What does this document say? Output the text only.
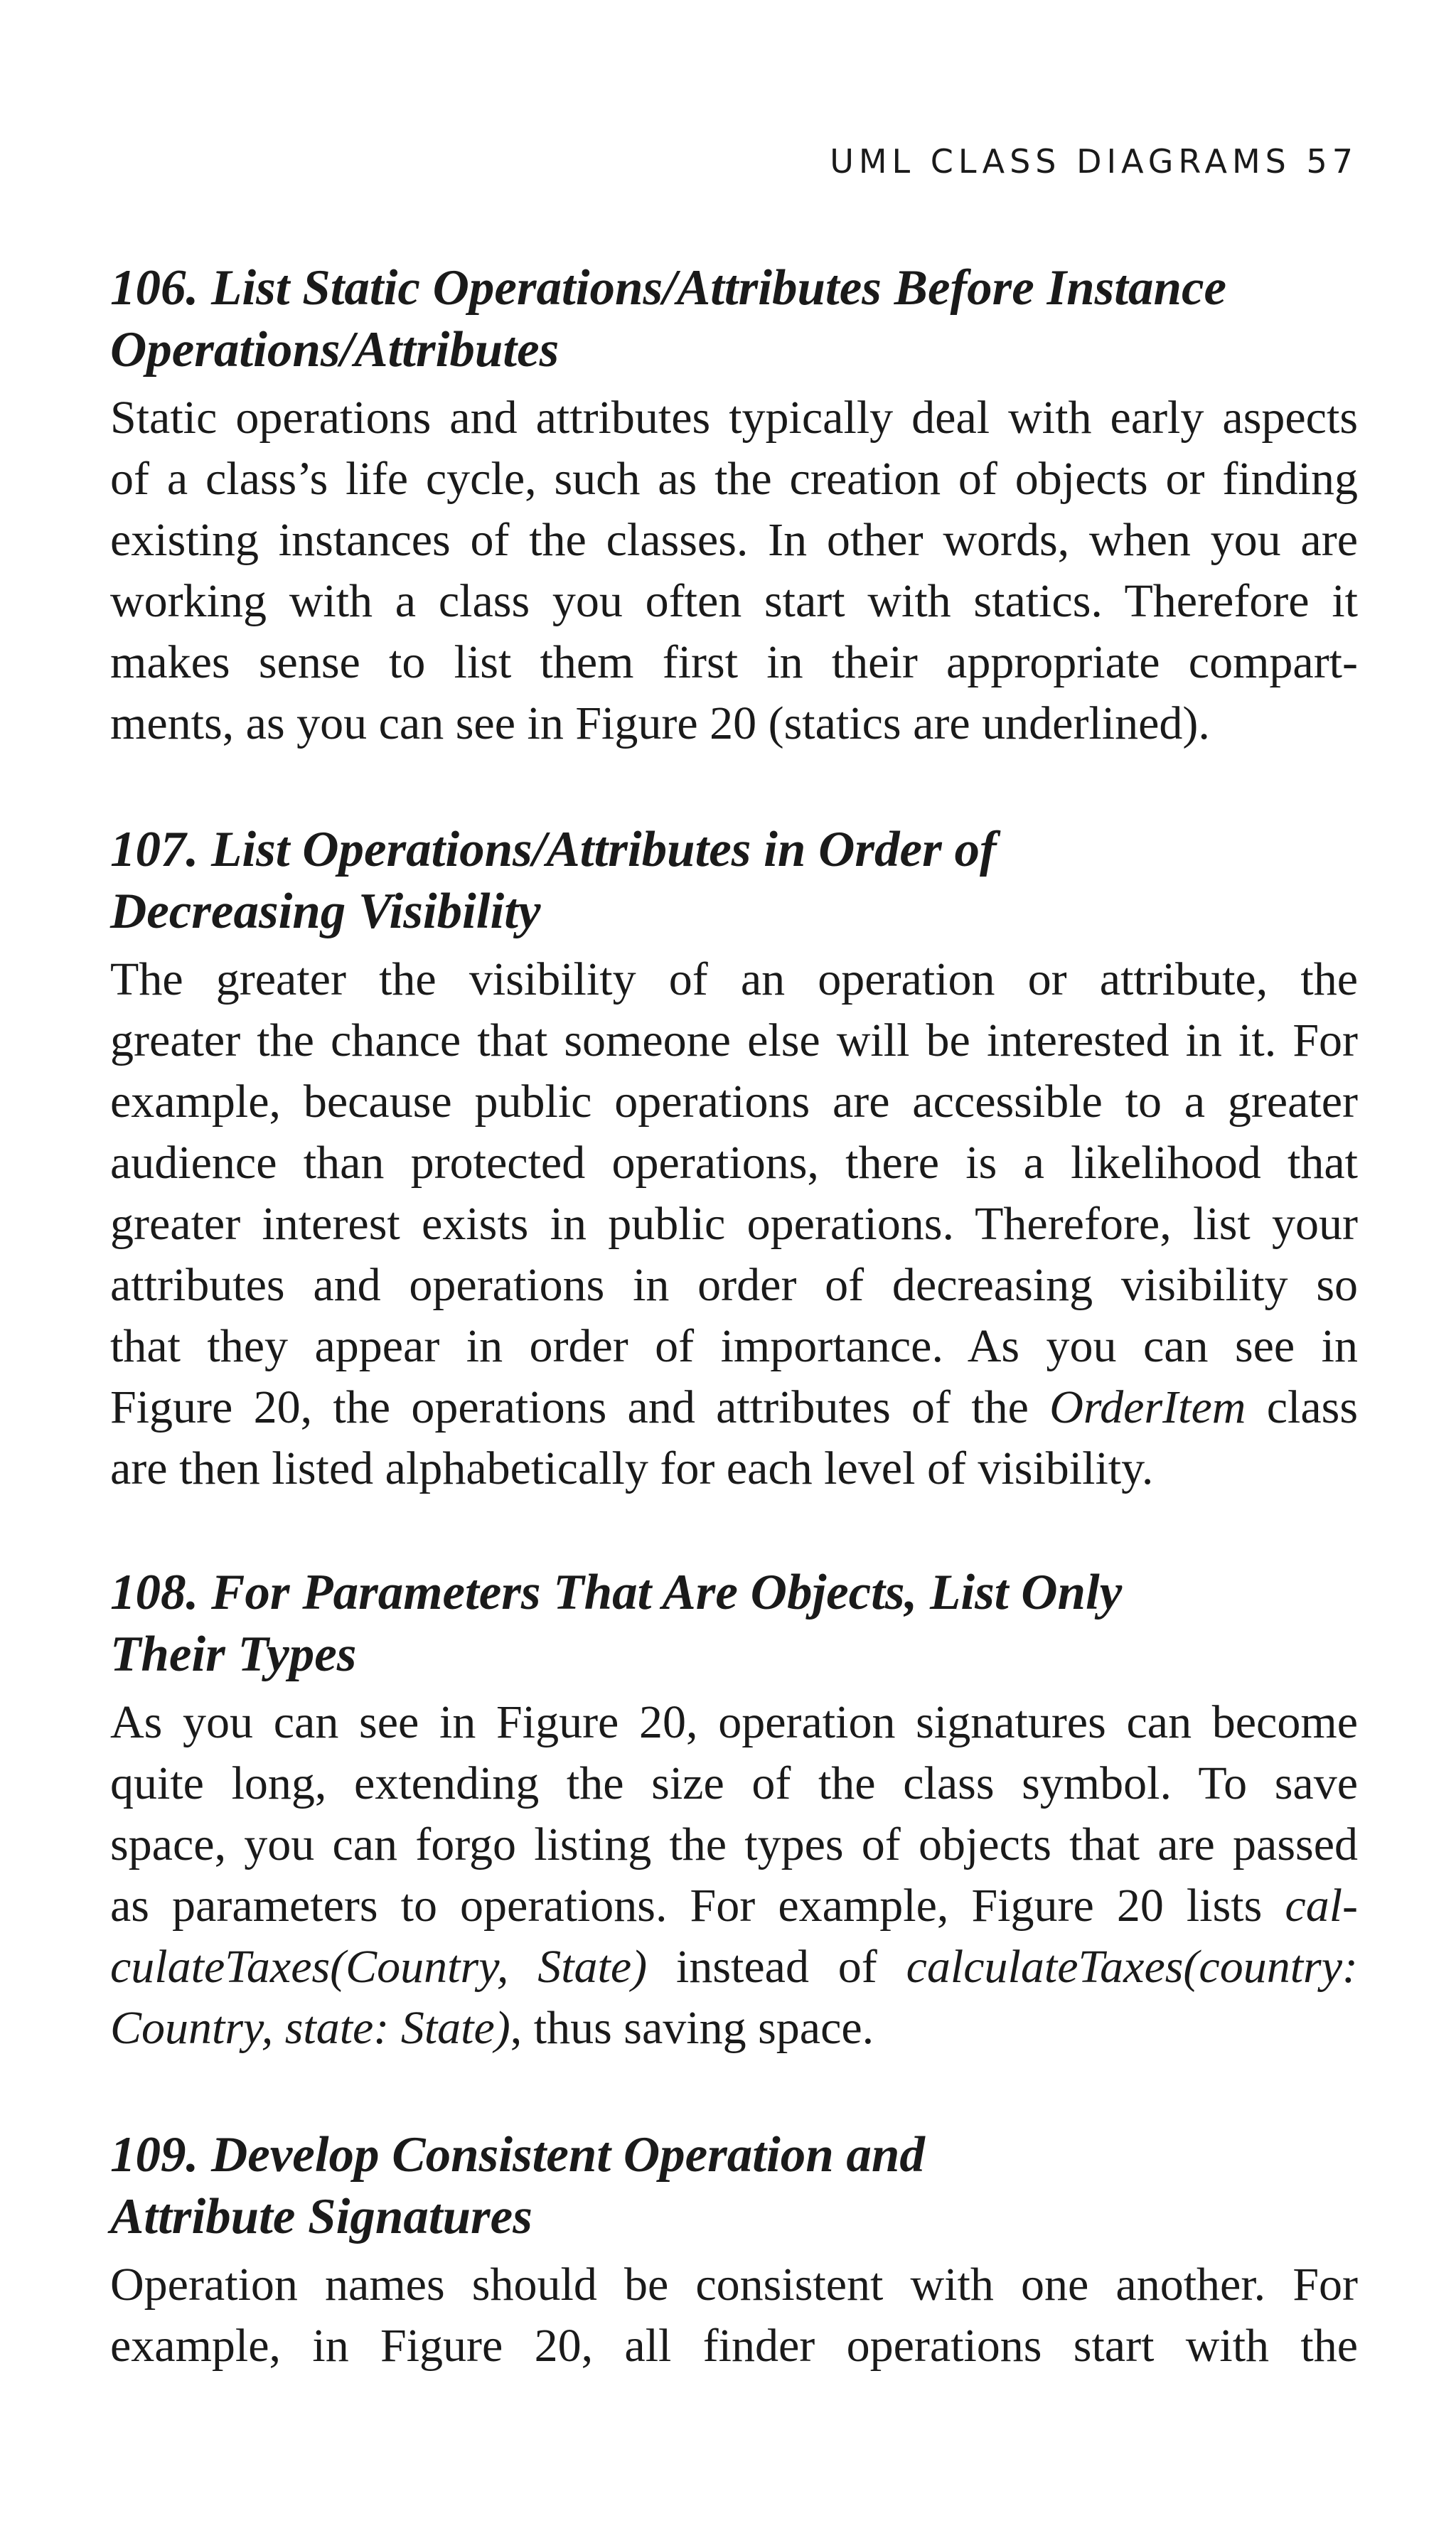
UML CLASS DIAGRAMS 57
106. List Static Operations/Attributes Before Instance
Operations/Attributes

Static operations and attributes typically deal with early aspects
of a class’s life cycle, such as the creation of objects or finding
existing instances of the classes. In other words, when you are
working with a class you often start with statics. Therefore it
makes sense to list them first in their appropriate compart-
ments, as you can see in Figure 20 (statics are underlined).

107. List Operations/Attributes in Order of
Decreasing Visibility

The greater the visibility of an operation or attribute, the
greater the chance that someone else will be interested in it. For
example, because public operations are accessible to a greater
audience than protected operations, there is a likelihood that
greater interest exists in public operations. Therefore, list your
attributes and operations in order of decreasing visibility so
that they appear in order of importance. As you can see in
Figure 20, the operations and attributes of the OrderItem class
are then listed alphabetically for each level of visibility.

108. For Parameters That Are Objects, List Only
Their Types

As you can see in Figure 20, operation signatures can become
quite long, extending the size of the class symbol. To save
space, you can forgo listing the types of objects that are passed
as parameters to operations. For example, Figure 20 lists cal-
culateTaxes(Country, State) instead of calculateTaxes(country:
Country, state: State), thus saving space.

109. Develop Consistent Operation and
Attribute Signatures

Operation names should be consistent with one another. For
example, in Figure 20, all finder operations start with the
